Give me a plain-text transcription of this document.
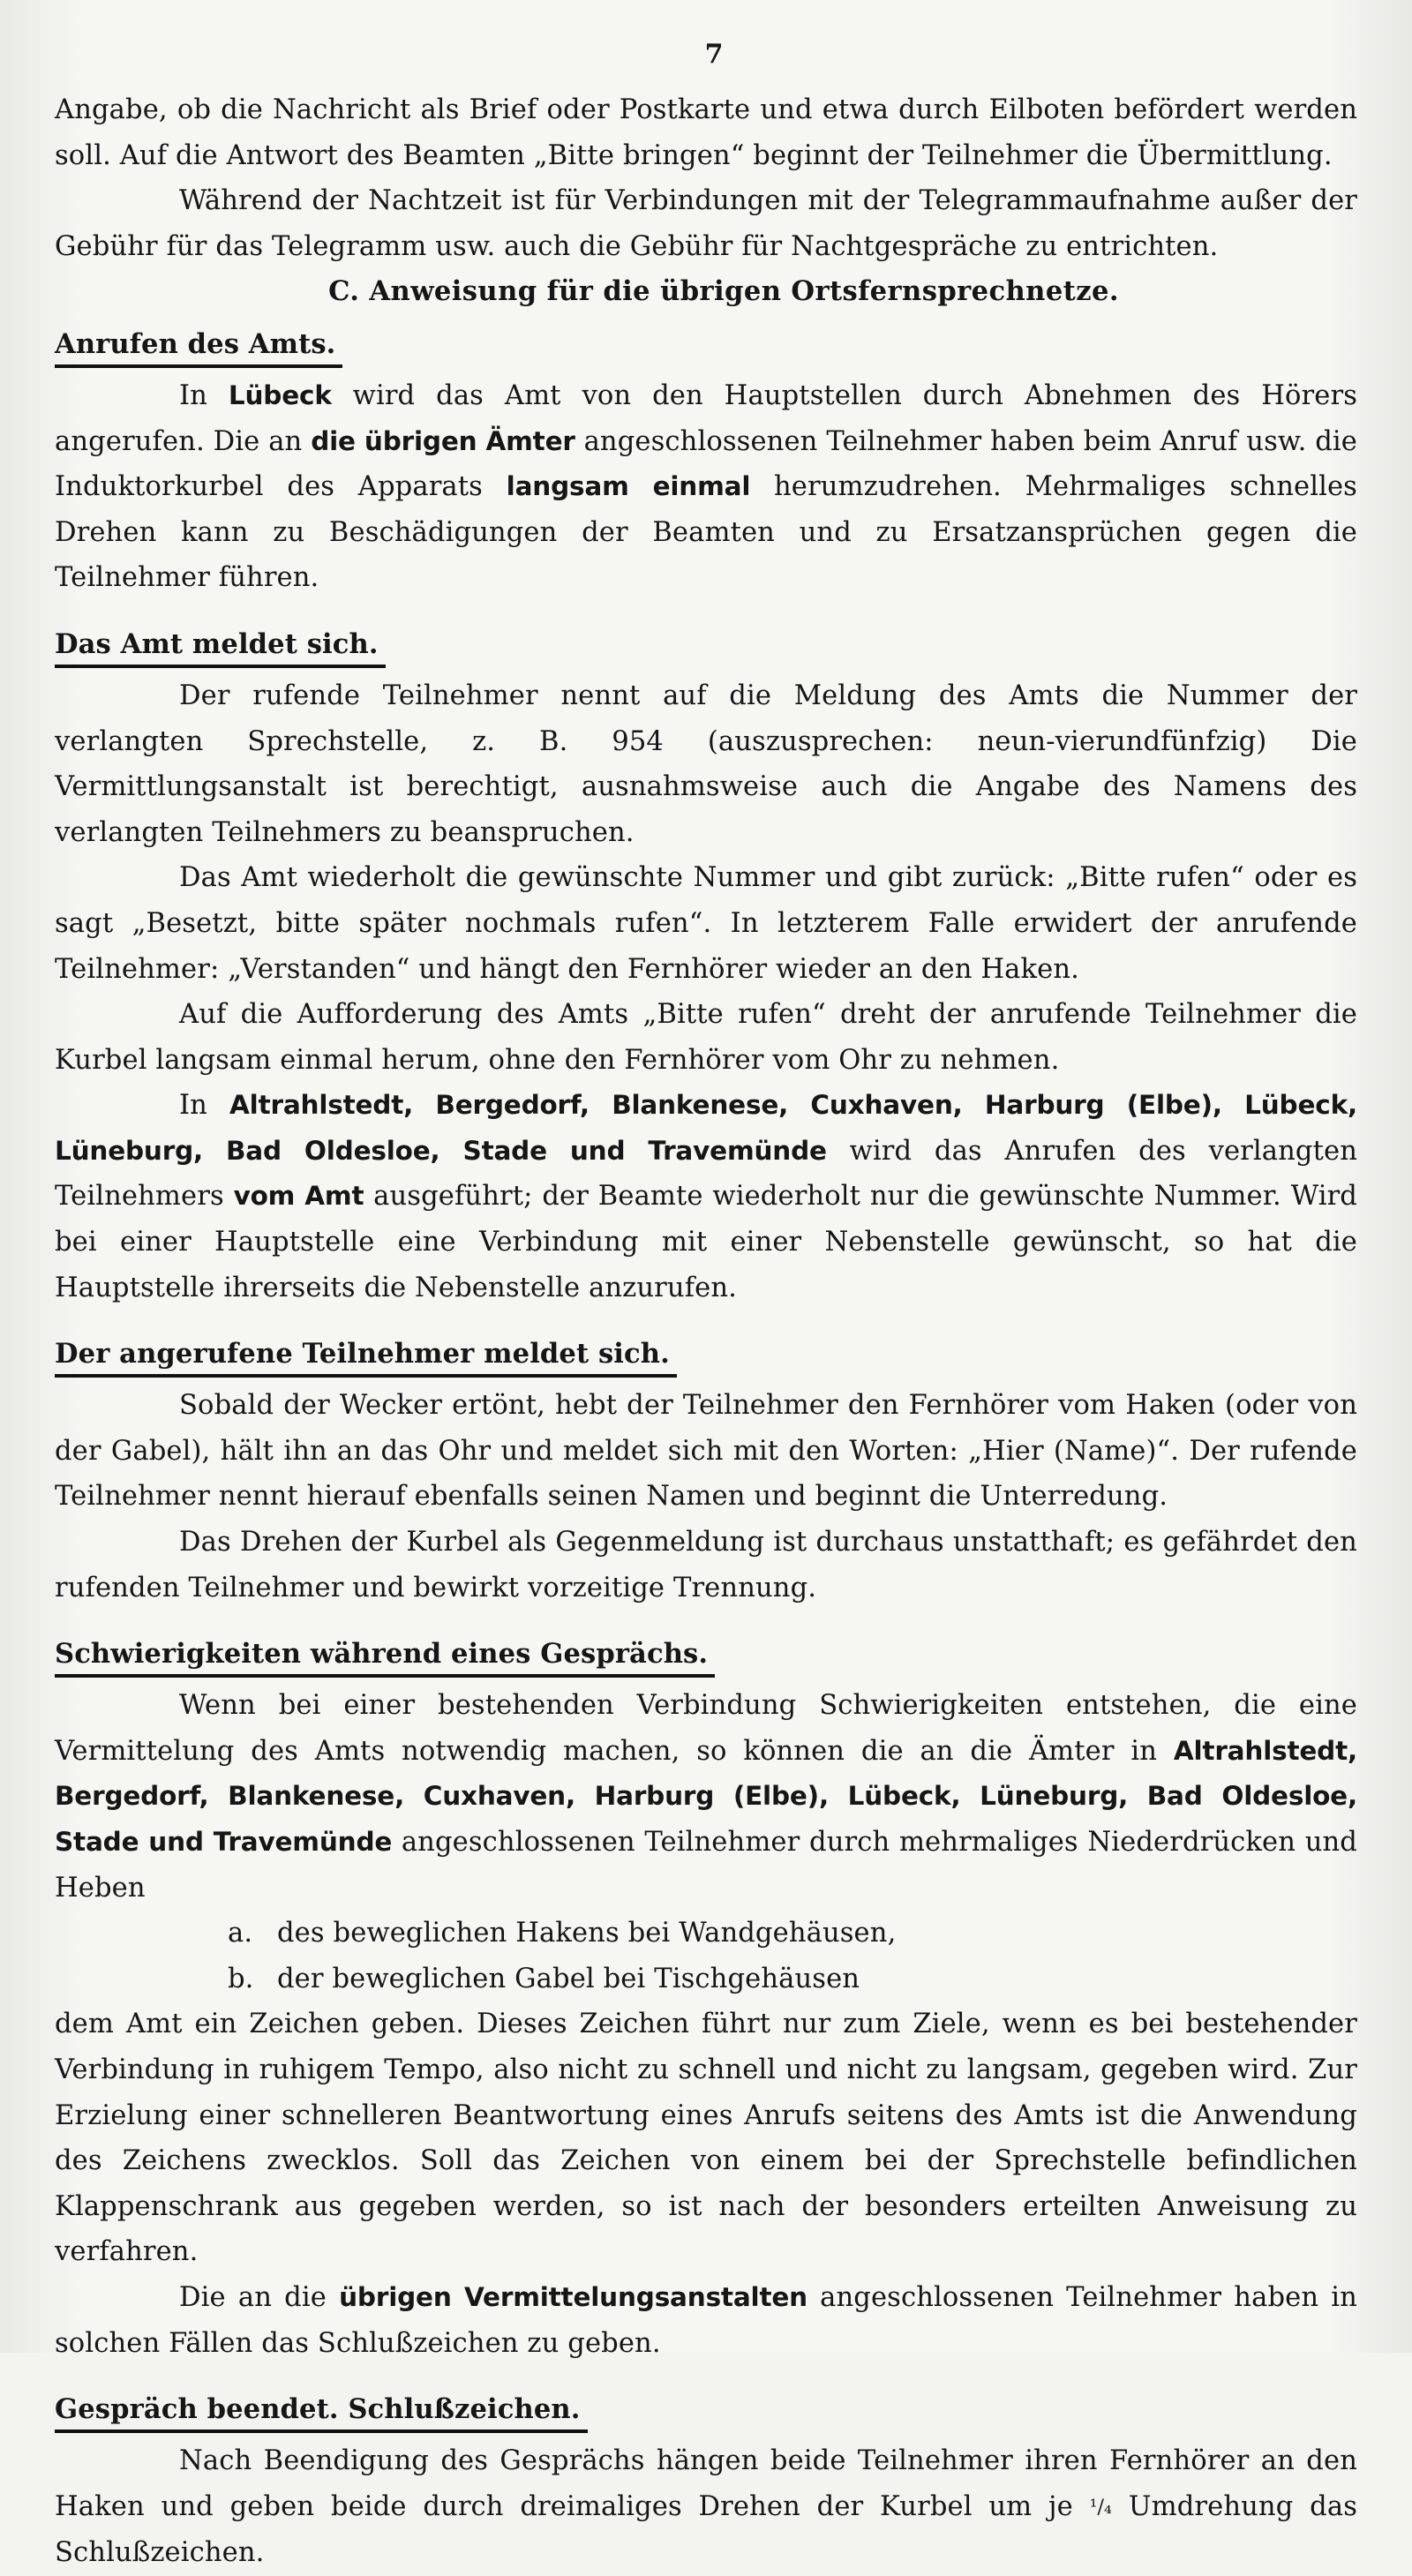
7

Angabe, ob die Nachricht als Brief oder Postkarte und etwa durch Eilboten befördert werden soll. Auf die Antwort des Beamten „Bitte bringen“ beginnt der Teilnehmer die Übermittlung.

Während der Nachtzeit ist für Verbindungen mit der Telegrammaufnahme außer der Gebühr für das Telegramm usw. auch die Gebühr für Nachtgespräche zu entrichten.

C. Anweisung für die übrigen Ortsfernsprechnetze.

Anrufen des Amts.

In Lübeck wird das Amt von den Hauptstellen durch Abnehmen des Hörers angerufen. Die an die übrigen Ämter angeschlossenen Teilnehmer haben beim Anruf usw. die Induktorkurbel des Apparats langsam einmal herumzudrehen. Mehrmaliges schnelles Drehen kann zu Beschädigungen der Beamten und zu Ersatzansprüchen gegen die Teilnehmer führen.

Das Amt meldet sich.

Der rufende Teilnehmer nennt auf die Meldung des Amts die Nummer der verlangten Sprechstelle, z. B. 954 (auszusprechen: neun-vierundfünfzig) Die Vermittlungsanstalt ist berechtigt, ausnahmsweise auch die Angabe des Namens des verlangten Teilnehmers zu beanspruchen.

Das Amt wiederholt die gewünschte Nummer und gibt zurück: „Bitte rufen“ oder es sagt „Besetzt, bitte später nochmals rufen“. In letzterem Falle erwidert der anrufende Teilnehmer: „Verstanden“ und hängt den Fernhörer wieder an den Haken.

Auf die Aufforderung des Amts „Bitte rufen“ dreht der anrufende Teilnehmer die Kurbel langsam einmal herum, ohne den Fernhörer vom Ohr zu nehmen.

In Altrahlstedt, Bergedorf, Blankenese, Cuxhaven, Harburg (Elbe), Lübeck, Lüneburg, Bad Oldesloe, Stade und Travemünde wird das Anrufen des verlangten Teilnehmers vom Amt ausgeführt; der Beamte wiederholt nur die gewünschte Nummer. Wird bei einer Hauptstelle eine Verbindung mit einer Nebenstelle gewünscht, so hat die Hauptstelle ihrerseits die Nebenstelle anzurufen.

Der angerufene Teilnehmer meldet sich.

Sobald der Wecker ertönt, hebt der Teilnehmer den Fernhörer vom Haken (oder von der Gabel), hält ihn an das Ohr und meldet sich mit den Worten: „Hier (Name)“. Der rufende Teilnehmer nennt hierauf ebenfalls seinen Namen und beginnt die Unterredung.

Das Drehen der Kurbel als Gegenmeldung ist durchaus unstatthaft; es gefährdet den rufenden Teilnehmer und bewirkt vorzeitige Trennung.

Schwierigkeiten während eines Gesprächs.

Wenn bei einer bestehenden Verbindung Schwierigkeiten entstehen, die eine Vermittelung des Amts notwendig machen, so können die an die Ämter in Altrahlstedt, Bergedorf, Blankenese, Cuxhaven, Harburg (Elbe), Lübeck, Lüneburg, Bad Oldesloe, Stade und Travemünde angeschlossenen Teilnehmer durch mehrmaliges Niederdrücken und Heben

a. des beweglichen Hakens bei Wandgehäusen,

b. der beweglichen Gabel bei Tischgehäusen

dem Amt ein Zeichen geben. Dieses Zeichen führt nur zum Ziele, wenn es bei bestehender Verbindung in ruhigem Tempo, also nicht zu schnell und nicht zu langsam, gegeben wird. Zur Erzielung einer schnelleren Beantwortung eines Anrufs seitens des Amts ist die Anwendung des Zeichens zwecklos. Soll das Zeichen von einem bei der Sprechstelle befindlichen Klappenschrank aus gegeben werden, so ist nach der besonders erteilten Anweisung zu verfahren.

Die an die übrigen Vermittelungsanstalten angeschlossenen Teilnehmer haben in solchen Fällen das Schlußzeichen zu geben.

Gespräch beendet. Schlußzeichen.

Nach Beendigung des Gesprächs hängen beide Teilnehmer ihren Fernhörer an den Haken und geben beide durch dreimaliges Drehen der Kurbel um je ¹/₄ Umdrehung das Schlußzeichen.
